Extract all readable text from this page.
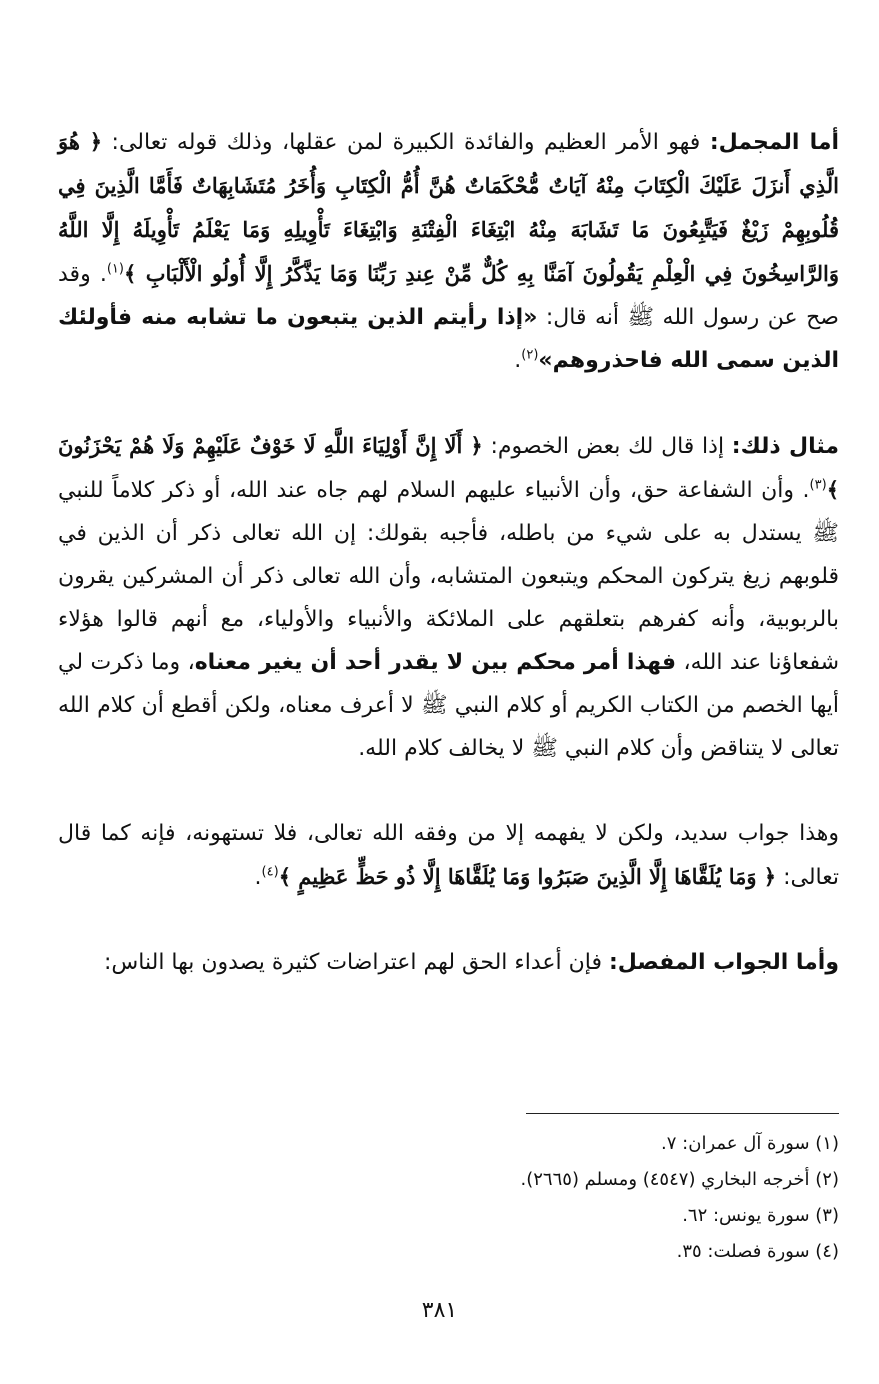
أما المجمل: فهو الأمر العظيم والفائدة الكبيرة لمن عقلها، وذلك قوله تعالى: ﴿ هُوَ الَّذِي أَنزَلَ عَلَيْكَ الْكِتَابَ مِنْهُ آيَاتٌ مُّحْكَمَاتٌ هُنَّ أُمُّ الْكِتَابِ وَأُخَرُ مُتَشَابِهَاتٌ فَأَمَّا الَّذِينَ فِي قُلُوبِهِمْ زَيْغٌ فَيَتَّبِعُونَ مَا تَشَابَهَ مِنْهُ ابْتِغَاءَ الْفِتْنَةِ وَابْتِغَاءَ تَأْوِيلِهِ وَمَا يَعْلَمُ تَأْوِيلَهُ إِلَّا اللَّهُ وَالرَّاسِخُونَ فِي الْعِلْمِ يَقُولُونَ آمَنَّا بِهِ كُلٌّ مِّنْ عِندِ رَبِّنَا وَمَا يَذَّكَّرُ إِلَّا أُولُو الْأَلْبَابِ ﴾$^{(١)}$. وقد صح عن رسول الله ﷺ أنه قال: «إذا رأيتم الذين يتبعون ما تشابه منه فأولئك الذين سمى الله فاحذروهم»$^{(٢)}$.

مثال ذلك: إذا قال لك بعض الخصوم: ﴿ أَلَا إِنَّ أَوْلِيَاءَ اللَّهِ لَا خَوْفٌ عَلَيْهِمْ وَلَا هُمْ يَحْزَنُونَ ﴾$^{(٣)}$. وأن الشفاعة حق، وأن الأنبياء عليهم السلام لهم جاه عند الله، أو ذكر كلاماً للنبي ﷺ يستدل به على شيء من باطله، فأجبه بقولك: إن الله تعالى ذكر أن الذين في قلوبهم زيغ يتركون المحكم ويتبعون المتشابه، وأن الله تعالى ذكر أن المشركين يقرون بالربوبية، وأنه كفرهم بتعلقهم على الملائكة والأنبياء والأولياء، مع أنهم قالوا هؤلاء شفعاؤنا عند الله، فهذا أمر محكم بين لا يقدر أحد أن يغير معناه، وما ذكرت لي أيها الخصم من الكتاب الكريم أو كلام النبي ﷺ لا أعرف معناه، ولكن أقطع أن كلام الله تعالى لا يتناقض وأن كلام النبي ﷺ لا يخالف كلام الله.

وهذا جواب سديد، ولكن لا يفهمه إلا من وفقه الله تعالى، فلا تستهونه، فإنه كما قال تعالى: ﴿ وَمَا يُلَقَّاهَا إِلَّا الَّذِينَ صَبَرُوا وَمَا يُلَقَّاهَا إِلَّا ذُو حَظٍّ عَظِيمٍ ﴾$^{(٤)}$.

وأما الجواب المفصل: فإن أعداء الحق لهم اعتراضات كثيرة يصدون بها الناس:

(١) سورة آل عمران: ٧.
(٢) أخرجه البخاري (٤٥٤٧) ومسلم (٢٦٦٥).
(٣) سورة يونس: ٦٢.
(٤) سورة فصلت: ٣٥.
٣٨١
